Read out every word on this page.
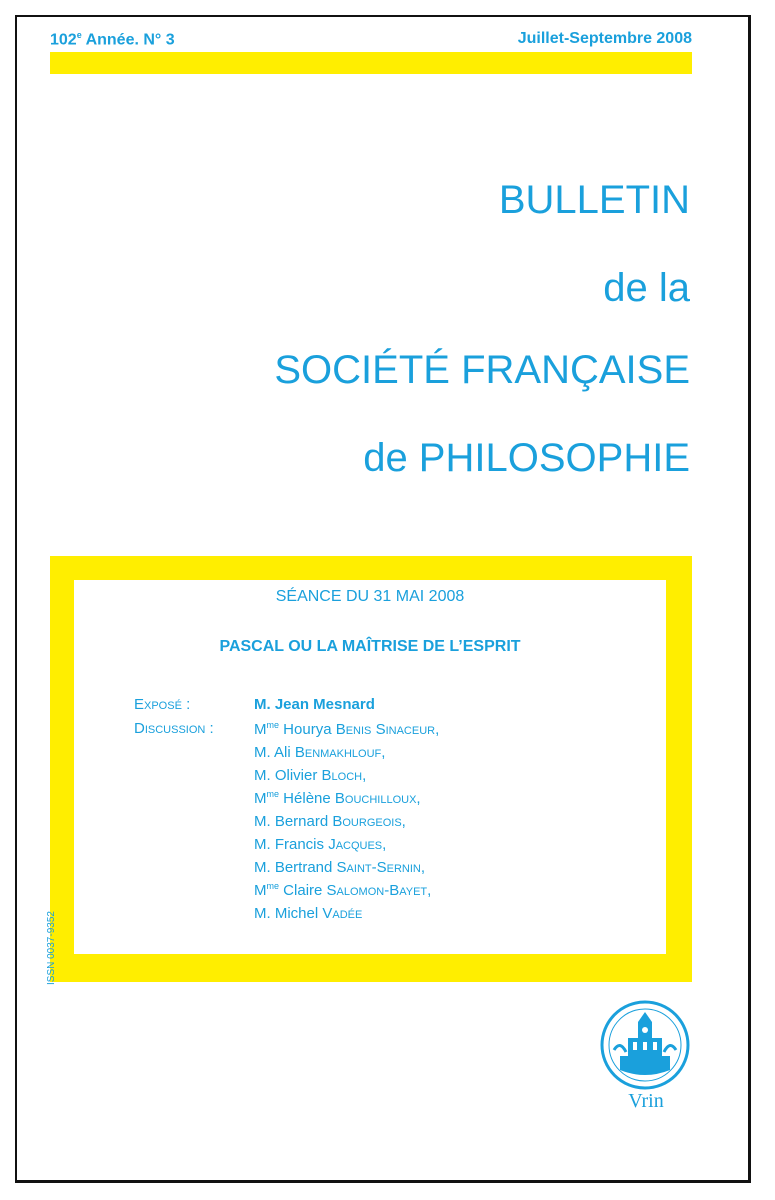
102e Année. N° 3	Juillet-Septembre 2008
BULLETIN
de la
SOCIÉTÉ FRANÇAISE
de PHILOSOPHIE
SÉANCE DU 31 MAI 2008
PASCAL OU LA MAÎTRISE DE L’ESPRIT
Exposé :	M. Jean Mesnard
Discussion :	$M^{me}$ Hourya Benis Sinaceur,
M. Ali Benmakhlouf,
M. Olivier Bloch,
$M^{me}$ Hélène Bouchilloux,
M. Bernard Bourgeois,
M. Francis Jacques,
M. Bertrand Saint-Sernin,
$M^{me}$ Claire Salomon-Bayet,
M. Michel Vadée
ISSN 0037-9352
Vrin
